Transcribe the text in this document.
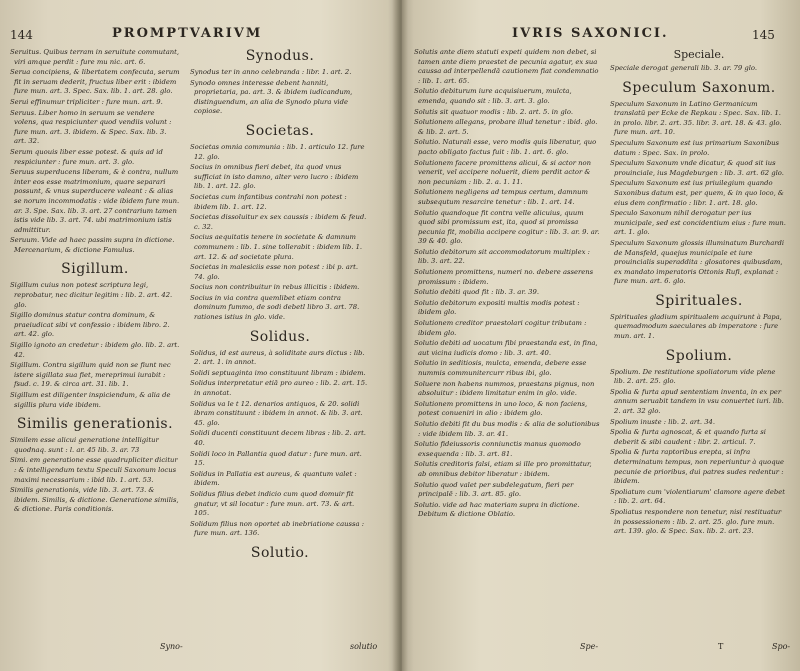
144	PROMPTVARIVM

Seruitus. Quibus terram in seruitute commutant, viri amque perdit : fure mu nic. art. 6.

Serua concipiens, & libertatem confecuta, serum fit in seruam dederit, fructus liber erit : ibidem fure mun. art. 3. Spec. Sax. lib. 1. art. 28. glo.

Serui effinumur tripliciter : fure mun. art. 9.

Seruus. Liber homo in seruum se vendere volens, qua respiciunter quod vendiis volunt : fure mun. art. 3. ibidem. & Spec. Sax. lib. 3. art. 32.

Serum quouis liber esse potest. & quis ad id respiciunter : fure mun. art. 3. glo.

Seruus superducens liberam, & è contra, nullum inter eos esse matrimonium, quare separari possunt, & vnus superducere valeant : & alias se norum incommodatis : vide ibidem fure mun. ar. 3. Spe. Sax. lib. 3. art. 27 contrarium tamen istis vide lib. 3. art. 74. ubi matrimonium istis admittitur.

Seruum. Vide ad haec passim supra in dictione. Mercenarium, & dictione Famulus.

Sigillum.

Sigillum cuius non potest scriptura legi, reprobatur, nec dicitur legitim : lib. 2. art. 42. glo.

Sigillo dominus statur contra dominum, & praeiudicat sibi vt confessio : ibidem libro. 2. art. 42. glo.

Sigillo ignoto an credetur : ibidem glo. lib. 2. art. 42.

Sigillum. Contra sigillum quid non se fiunt nec istere sigillata sua fiet, mereprimui iurabit : fsud. c. 19. & circa art. 31. lib. 1.

Sigillum est diligenter inspiciendum, & alia de sigillis plura vide ibidem.

Similis generationis.

Similem esse alicui generatione intelligitur quodnaq. sunt : l. ar. 45 lib. 3. ar. 73

Simi. em generatione esse quadrupliciter dicitur : & intelligendum textu Speculi Saxonum locus maximi necessarium : ibid lib. 1. art. 53.

Similis generationis, vide lib. 3. art. 73. & ibidem. Similis, & dictione. Generatione similis, & dictione. Paris conditionis.

Synodus.

Synodus ter in anno celebranda : libr. 1. art. 2.

Synodo omnes interesse debent hanniti, proprietaria, pa. art. 3. & ibidem iudicandum, distinguendum, an alia de Synodo plura vide copiose.

Societas.

Societas omnia communia : lib. 1. articulo 12. fure 12. glo.

Socius in omnibus fieri debet, ita quod vnus sufficiat in isto damno, alter vero lucro : ibidem lib. 1. art. 12. glo.

Societas cum infantibus contrahi non potest : ibidem lib. 1. art. 12.

Societas dissoluitur ex sex caussis : ibidem & feud. c. 32.

Socius aequitatis tenere in societate & damnum communem : lib. 1. sine tollerabit : ibidem lib. 1. art. 12. & ad societate plura.

Societas in malesiciis esse non potest : ibi p. art. 74. glo.

Socius non contribuitur in rebus illicitis : ibidem.

Socius in via contra quemlibet etiam contra dominum fummo, de sodi debetl libro 3. art. 78. rationes istius in glo. vide.

Solidus.

Solidus, id est aureus, à soliditate aurs dictus : lib. 2. art. 1. in annot.

Solidi septuaginta imo constituunt libram : ibidem.

Solidus interpretatur etiā pro aureo : lib. 2. art. 15. in annotat.

Solidus va le t 12. denarios antiquos, & 20. solidi ibram constituunt : ibidem in annot. & lib. 3. art. 45. glo.

Solidi ducenti constituunt decem libras : lib. 2. art. 40.

Solidi loco in Pallantia quod datur : fure mun. art. 15.

Solidus in Pallatia est aureus, & quantum valet : ibidem.

Solidus filius debet indicio cum quod domuir fit gnatur, vt sil locatur : fure mun. art. 73. & art. 105.

Solidum filius non oportet ab inebriatione caussa : fure mun. art. 136.

Solutio.
Syno-	solutio
IVRIS SAXONICI.	145

Solutis ante diem statuti expeti quidem non debet, si tamen ante diem praestet de pecunia agatur, ex sua caussa ad interpellendā cautionem fiat condemnatio : lib. 1. art. 65.

Solutio debiturum iure acquisiuerum, mulcta, emenda, quando sit : lib. 3. art. 3. glo.

Solutis sit quatuor modis : lib. 2. art. 5. in glo.

Solutionem allegans, probare illud tenetur : ibid. glo. & lib. 2. art. 5.

Solutio. Naturali esse, vero modis quis liberatur, quo pacto obligato factus fuit : lib. 1. art. 6. glo.

Solutionem facere promittens alicui, & si actor non venerit, vel accipere noluerit, diem perdit actor & non pecuniam : lib. 2. a. 1. 11.

Solutionem negligens ad tempus certum, damnum subsequtum resarcire tenetur : lib. 1. art. 14.

Solutio quandoque fit contra velle alicuius, quum quod sibi promissum est, ita, quod si promissa pecunia fit, mobilia accipere cogitur : lib. 3. ar. 9. ar. 39 & 40. glo.

Solutio debitorum sit accommodatorum multiplex : lib. 3. art. 22.

Solutionem promittens, numeri no. debere asserens promissum : ibidem.

Solutio debiti quod fit : lib. 3. ar. 39.

Solutio debitorum expositi multis modis potest : ibidem glo.

Solutionem creditor praestolari cogitur tributam : ibidem glo.

Solutio debiti ad uocatum fibi praestanda est, in fina, aut vicina iudicis domo : lib. 3. art. 40.

Solutio in seditiosis, mulcta, emenda, debere esse nummis communitercurr ribus ibi, glo.

Soluere non habens nummos, praestans pignus, non absoluitur : ibidem limitatur enim in glo. vide.

Solutionem promittens in uno loco, & non faciens, potest conueniri in alio : ibidem glo.

Solutio debiti fit du bus modis : & alia de solutionibus : vide ibidem lib. 3. ar. 41.

Solutio fideiussoris conniunctis manus quomodo exsequenda : lib. 3. art. 81.

Solutis creditoris falsi, etiam si ille pro promittatur, ab omnibus debitor liberatur : ibidem.

Solutio quod valet per subdelegatum, fieri per principalē : lib. 3. art. 85. glo.

Solutio. vide ad hac materiam supra in dictione. Debitum & dictione Oblatio.

Speciale.

Speciale derogat generali lib. 3. ar. 79 glo.

Speculum Saxonum.

Speculum Saxonum in Latino Germanicum translatū per Ecke de Repkau : Spec. Sax. lib. 1. in prolo. libr. 2. art. 35. libr. 3. art. 18. & 43. glo. fure mun. art. 10.

Speculum Saxonum est ius primarium Saxonibus datum : Spec. Sax. in prolo.

Speculum Saxonum vnde dicatur, & quod sit ius prouinciale, ius Magdeburgen : lib. 3. art. 62 glo.

Speculum Saxonum est ius priuilegium quando Saxonibus datum est, per quem, & in quo loco, & eius dem confirmatio : libr. 1. art. 18. glo.

Speculo Saxonum nihil derogatur per ius municipale, sed est concidentium eius : fure mun. art. 1. glo.

Speculum Saxonum glossis illuminatum Burchardi de Mansfeld, quaejus municipale et iure prouincialis superaddita : glosatores quibusdam, ex mandato imperatoris Ottonis Rufi, explanat : fure mun. art. 6. glo.

Spirituales.

Spirituales gladium spiritualem acquirunt à Papa, quemadmodum saeculares ab imperatore : fure mun. art. 1.

Spolium.

Spolium. De restitutione spoliatorum vide plene lib. 2. art. 25. glo.

Spolia & furta apud sententiam inventa, in ex per annum seruabit tandem in vsu conuertet iuri. lib. 2. art. 32 glo.

Spolium inuste : lib. 2. art. 34.

Spolia & furta agnoscat, & et quando furta si deberit & sibi caudent : libr. 2. articul. 7.

Spolia & furta raptoribus erepta, si infra determinatum tempus, non reperiuntur à quoque pecunie de prioribus, dui patres sudes redentur : ibidem.

Spoliatum cum 'violentiarum' clamore agere debet : lib. 2. art. 64.

Spoliatus respondere non tenetur, nisi restituatur in possessionem : lib. 2. art. 25. glo. fure mun. art. 139. glo. & Spec. Sax. lib. 2. art. 23.

Spe-	T	Spo-
